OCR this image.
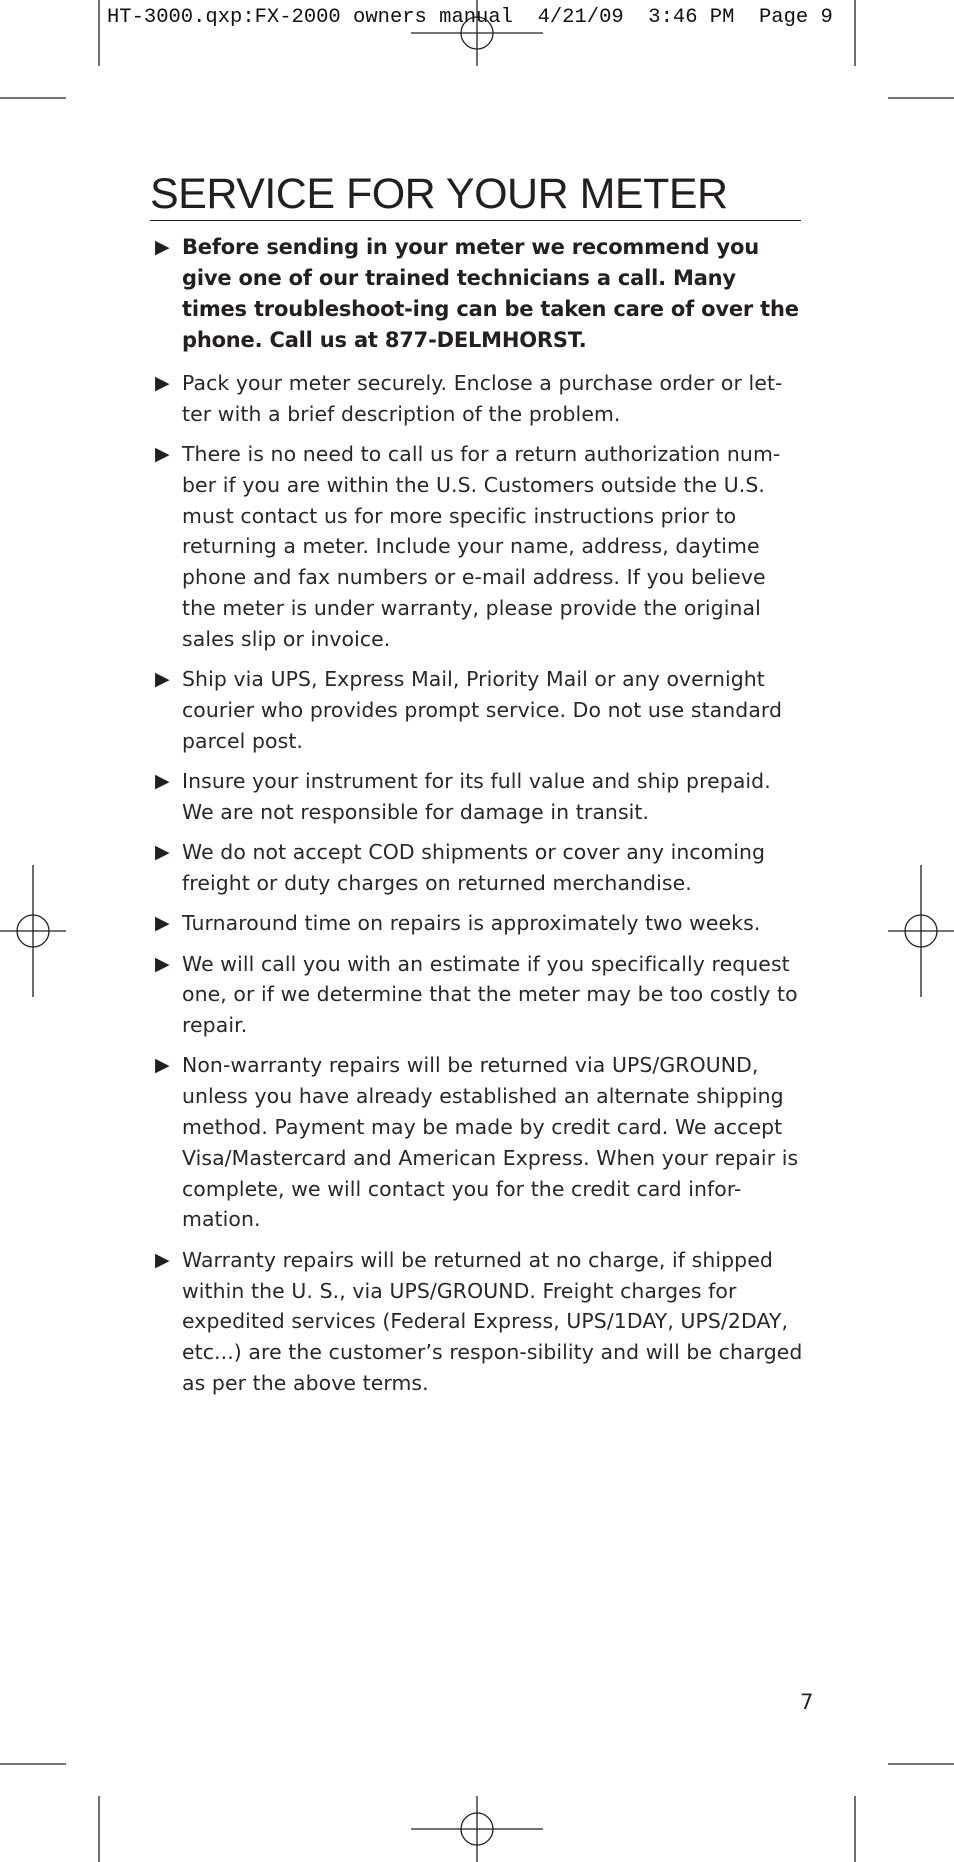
HT-3000.qxp:FX-2000 owners manual  4/21/09  3:46 PM  Page 9
SERVICE FOR YOUR METER
▶ Before sending in your meter we recommend you give one of our trained technicians a call. Many times troubleshoot-ing can be taken care of over the phone. Call us at 877-DELMHORST.
▶ Pack your meter securely. Enclose a purchase order or let-ter with a brief description of the problem.
▶ There is no need to call us for a return authorization num-ber if you are within the U.S. Customers outside the U.S. must contact us for more specific instructions prior to returning a meter. Include your name, address, daytime phone and fax numbers or e-mail address. If you believe the meter is under warranty, please provide the original sales slip or invoice.
▶ Ship via UPS, Express Mail, Priority Mail or any overnight courier who provides prompt service. Do not use standard parcel post.
▶ Insure your instrument for its full value and ship prepaid. We are not responsible for damage in transit.
▶ We do not accept COD shipments or cover any incoming freight or duty charges on returned merchandise.
▶ Turnaround time on repairs is approximately two weeks.
▶ We will call you with an estimate if you specifically request one, or if we determine that the meter may be too costly to repair.
▶ Non-warranty repairs will be returned via UPS/GROUND, unless you have already established an alternate shipping method. Payment may be made by credit card. We accept Visa/Mastercard and American Express. When your repair is complete, we will contact you for the credit card infor-mation.
▶ Warranty repairs will be returned at no charge, if shipped within the U. S., via UPS/GROUND. Freight charges for expedited services (Federal Express, UPS/1DAY, UPS/2DAY, etc...) are the customer’s respon-sibility and will be charged as per the above terms.
7
